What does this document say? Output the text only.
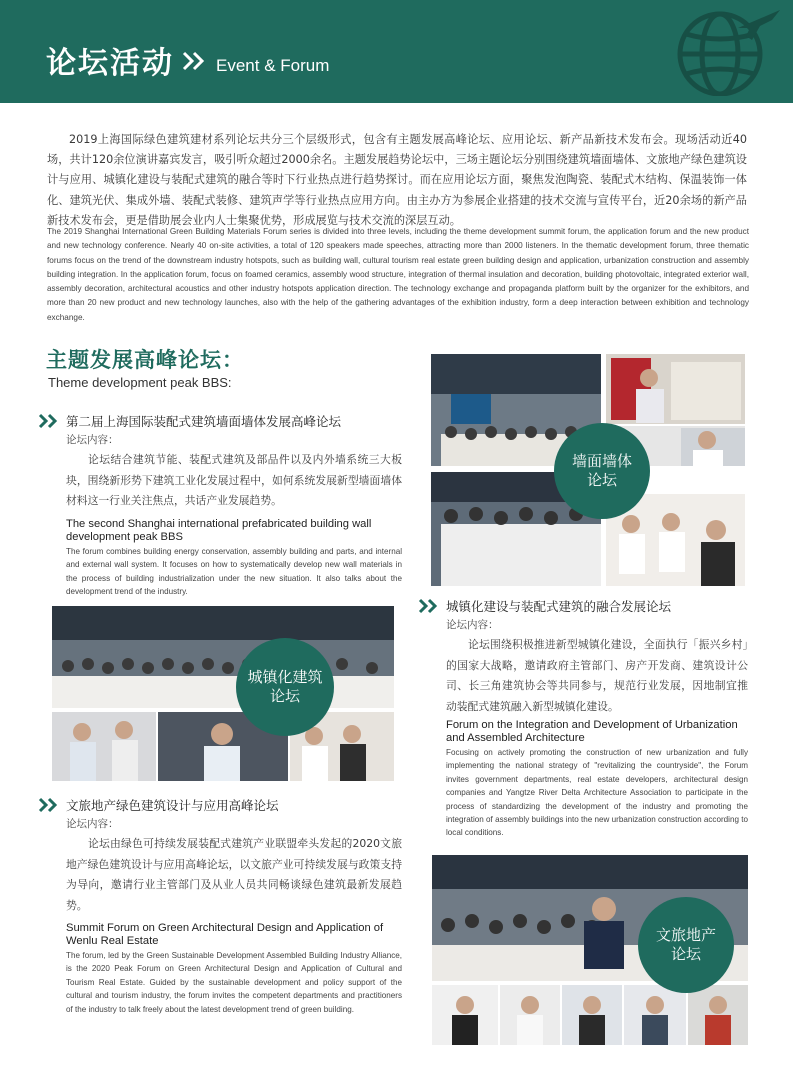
论坛活动 Event & Forum
2019上海国际绿色建筑建材系列论坛共分三个层级形式，包含有主题发展高峰论坛、应用论坛、新产品新技术发布会。现场活动近40场，共计120余位演讲嘉宾发言，吸引听众超过2000余名。主题发展趋势论坛中，三场主题论坛分别围绕建筑墙面墙体、文旅地产绿色建筑设计与应用、城镇化建设与装配式建筑的融合等时下行业热点进行趋势探讨。而在应用论坛方面，聚焦发泡陶瓷、装配式木结构、保温装饰一体化、建筑光伏、集成外墙、装配式装修、建筑声学等行业热点应用方向。由主办方为参展企业搭建的技术交流与宣传平台，近20余场的新产品新技术发布会，更是借助展会业内人士集聚优势，形成展览与技术交流的深层互动。
The 2019 Shanghai International Green Building Materials Forum series is divided into three levels, including the theme development summit forum, the application forum and the new product and new technology conference. Nearly 40 on-site activities, a total of 120 speakers made speeches, attracting more than 2000 listeners. In the thematic development forum, three thematic forums focus on the trend of the downstream industry hotspots, such as building wall, cultural tourism real estate green building design and application, urbanization construction and assembly building integration. In the application forum, focus on foamed ceramics, assembly wood structure, integration of thermal insulation and decoration, building photovoltaic, integrated exterior wall, assembly decoration, architectural acoustics and other industry hotspots application direction. The technology exchange and propaganda platform built by the organizer for the exhibitors, and more than 20 new product and new technology launches, also with the help of the gathering advantages of the exhibition industry, form a deep interaction between exhibition and technology exchange.
主题发展高峰论坛：
Theme development peak BBS:
第二届上海国际装配式建筑墙面墙体发展高峰论坛
论坛内容：
论坛结合建筑节能、装配式建筑及部品件以及内外墙系统三大板块，围绕新形势下建筑工业化发展过程中，如何系统发展新型墙面墙体材料这一行业关注焦点，共话产业发展趋势。
The second Shanghai international prefabricated building wall development peak BBS
The forum combines building energy conservation, assembly building and parts, and internal and external wall system. It focuses on how to systematically develop new wall materials in the process of building industrialization under the new situation. It also talks about the development trend of the industry.
墙面墙体
论坛
城镇化建设与装配式建筑的融合发展论坛
论坛内容：
论坛围绕积极推进新型城镇化建设，全面执行「振兴乡村」的国家大战略，邀请政府主管部门、房产开发商、建筑设计公司、长三角建筑协会等共同参与，规范行业发展，因地制宜推动装配式建筑融入新型城镇化建设。
Forum on the Integration and Development of Urbanization and Assembled Architecture
Focusing on actively promoting the construction of new urbanization and fully implementing the national strategy of "revitalizing the countryside", the Forum invites government departments, real estate developers, architectural design companies and Yangtze River Delta Architecture Association to participate in the process of standardizing the development of the industry and promoting the integration of assembly buildings into the new urbanization construction according to local conditions.
城镇化建筑
论坛
文旅地产绿色建筑设计与应用高峰论坛
论坛内容：
论坛由绿色可持续发展装配式建筑产业联盟牵头发起的2020文旅地产绿色建筑设计与应用高峰论坛，以文旅产业可持续发展与政策支持为导向，邀请行业主管部门及从业人员共同畅谈绿色建筑最新发展趋势。
Summit Forum on Green Architectural Design and Application of Wenlu Real Estate
The forum, led by the Green Sustainable Development Assembled Building Industry Alliance, is the 2020 Peak Forum on Green Architectural Design and Application of Cultural and Tourism Real Estate. Guided by the sustainable development and policy support of the cultural and tourism industry, the forum invites the competent departments and practitioners of the industry to talk freely about the latest development trend of green building.
文旅地产
论坛
